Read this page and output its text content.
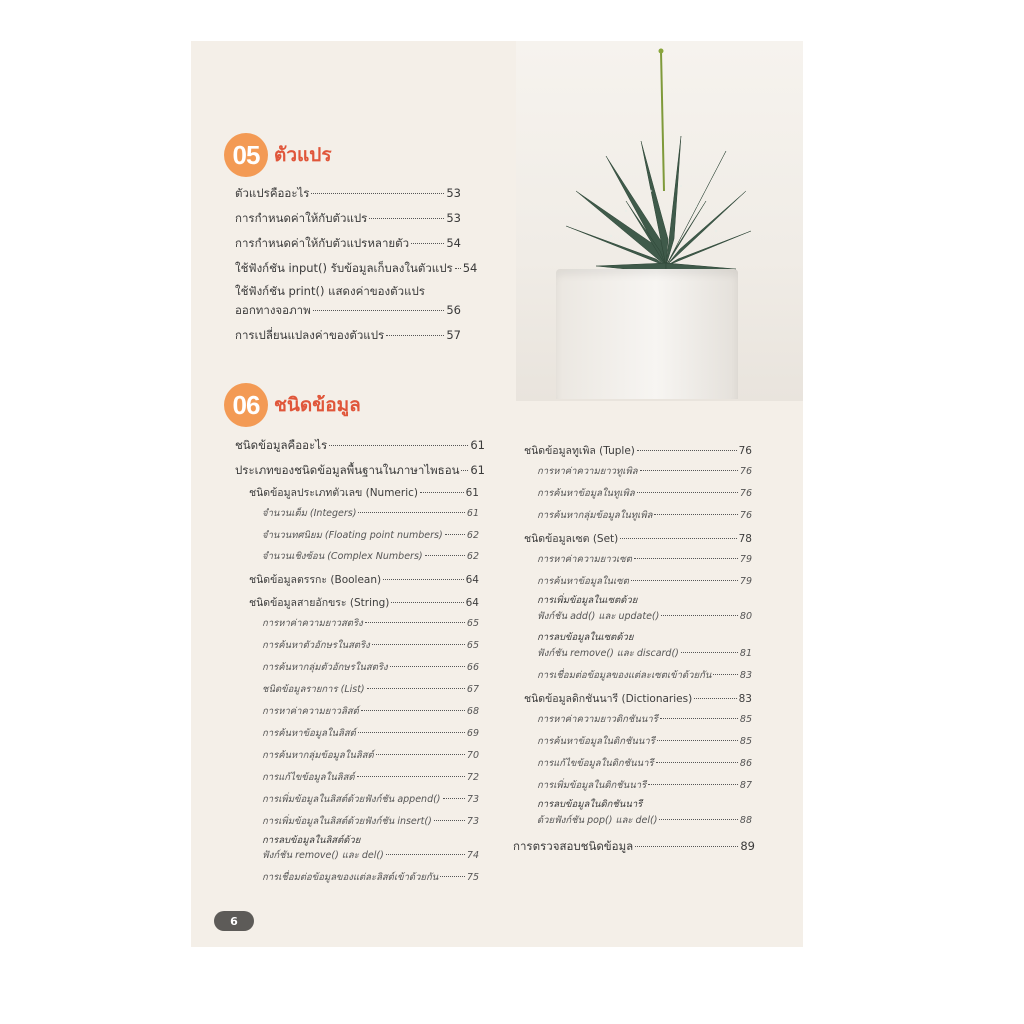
05 ตัวแปร
ตัวแปรคืออะไร	53
การกำหนดค่าให้กับตัวแปร	53
การกำหนดค่าให้กับตัวแปรหลายตัว	54
ใช้ฟังก์ชัน input() รับข้อมูลเก็บลงในตัวแปร 54
ใช้ฟังก์ชัน print() แสดงค่าของตัวแปร
ออกทางจอภาพ	56
การเปลี่ยนแปลงค่าของตัวแปร	57
06 ชนิดข้อมูล
ชนิดข้อมูลคืออะไร	61
ประเภทของชนิดข้อมูลพื้นฐานในภาษาไพธอน 61
ชนิดข้อมูลประเภทตัวเลข (Numeric)	61
จำนวนเต็ม (Integers)	61
จำนวนทศนิยม (Floating point numbers)	62
จำนวนเชิงซ้อน (Complex Numbers)	62
ชนิดข้อมูลตรรกะ (Boolean)	64
ชนิดข้อมูลสายอักขระ (String)	64
การหาค่าความยาวสตริง	65
การค้นหาตัวอักษรในสตริง	65
การค้นหากลุ่มตัวอักษรในสตริง	66
ชนิดข้อมูลรายการ (List)	67
การหาค่าความยาวลิสต์	68
การค้นหาข้อมูลในลิสต์	69
การค้นหากลุ่มข้อมูลในลิสต์	70
การแก้ไขข้อมูลในลิสต์	72
การเพิ่มข้อมูลในลิสต์ด้วยฟังก์ชัน append()	73
การเพิ่มข้อมูลในลิสต์ด้วยฟังก์ชัน insert()	73
การลบข้อมูลในลิสต์ด้วย
ฟังก์ชัน remove() และ del()	74
การเชื่อมต่อข้อมูลของแต่ละลิสต์เข้าด้วยกัน	75
ชนิดข้อมูลทูเพิล (Tuple)	76
การหาค่าความยาวทูเพิล	76
การค้นหาข้อมูลในทูเพิล	76
การค้นหากลุ่มข้อมูลในทูเพิล	76
ชนิดข้อมูลเซต (Set)	78
การหาค่าความยาวเซต	79
การค้นหาข้อมูลในเซต	79
การเพิ่มข้อมูลในเซตด้วย
ฟังก์ชัน add() และ update()	80
การลบข้อมูลในเซตด้วย
ฟังก์ชัน remove() และ discard()	81
การเชื่อมต่อข้อมูลของแต่ละเซตเข้าด้วยกัน	83
ชนิดข้อมูลดิกชันนารี (Dictionaries)	83
การหาค่าความยาวดิกชันนารี	85
การค้นหาข้อมูลในดิกชันนารี	85
การแก้ไขข้อมูลในดิกชันนารี	86
การเพิ่มข้อมูลในดิกชันนารี	87
การลบข้อมูลในดิกชันนารี
ด้วยฟังก์ชัน pop() และ del()	88
การตรวจสอบชนิดข้อมูล	89
6
